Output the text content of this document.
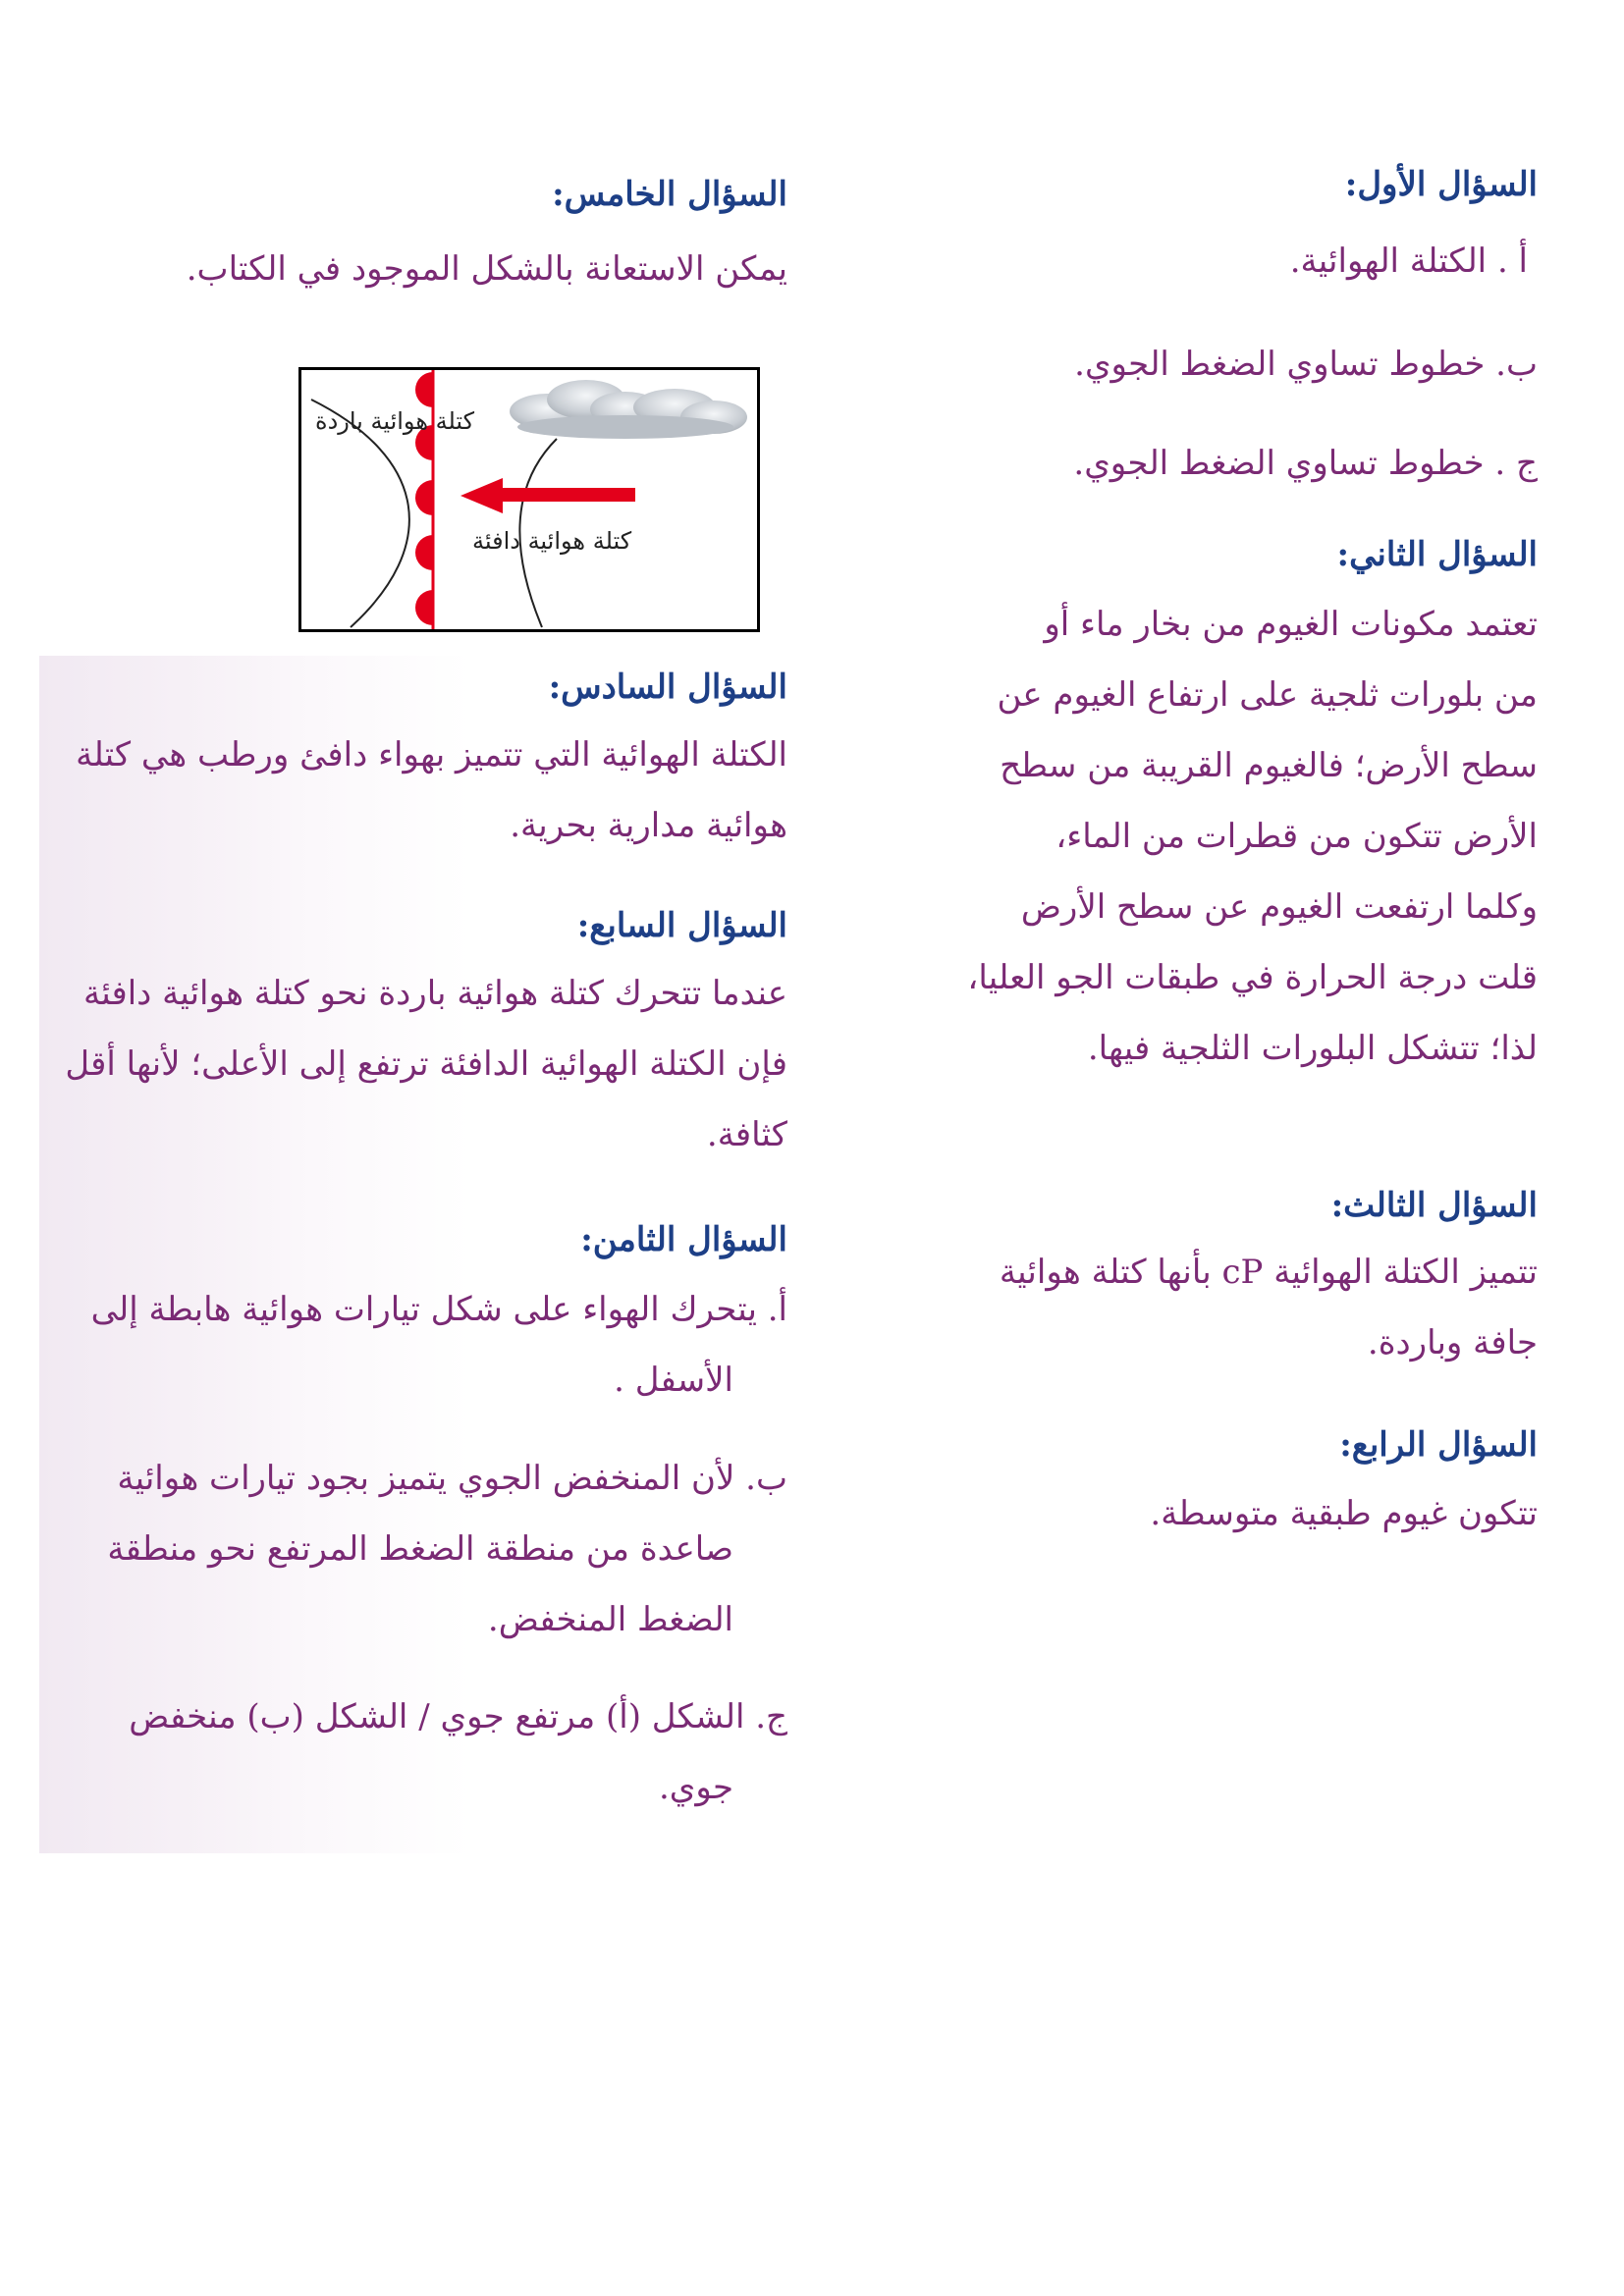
السؤال الأول:
أ . الكتلة الهوائية.
ب. خطوط تساوي الضغط الجوي.
ج . خطوط تساوي الضغط الجوي.
السؤال الثاني:
تعتمد مكونات الغيوم من بخار ماء أو
من بلورات ثلجية على ارتفاع الغيوم عن
سطح الأرض؛ فالغيوم القريبة من سطح
الأرض تتكون من قطرات من الماء،
وكلما ارتفعت الغيوم عن سطح الأرض
قلت درجة الحرارة في طبقات الجو العليا،
لذا؛ تتشكل البلورات الثلجية فيها.
السؤال الثالث:
تتميز الكتلة الهوائية cP بأنها كتلة هوائية
جافة وباردة.
السؤال الرابع:
تتكون غيوم طبقية متوسطة.
السؤال الخامس:
يمكن الاستعانة بالشكل الموجود في الكتاب.
السؤال السادس:
الكتلة الهوائية التي تتميز بهواء دافئ ورطب هي كتلة
هوائية مدارية بحرية.
السؤال السابع:
عندما تتحرك كتلة هوائية باردة نحو كتلة هوائية دافئة
فإن الكتلة الهوائية الدافئة ترتفع إلى الأعلى؛ لأنها أقل
كثافة.
السؤال الثامن:
أ. يتحرك الهواء على شكل تيارات هوائية هابطة إلى
الأسفل .
ب. لأن المنخفض الجوي يتميز بجود تيارات هوائية
صاعدة من منطقة الضغط المرتفع نحو منطقة
الضغط المنخفض.
ج. الشكل (أ) مرتفع جوي / الشكل (ب) منخفض
جوي.
كتلة هوائية باردة
كتلة هوائية دافئة
